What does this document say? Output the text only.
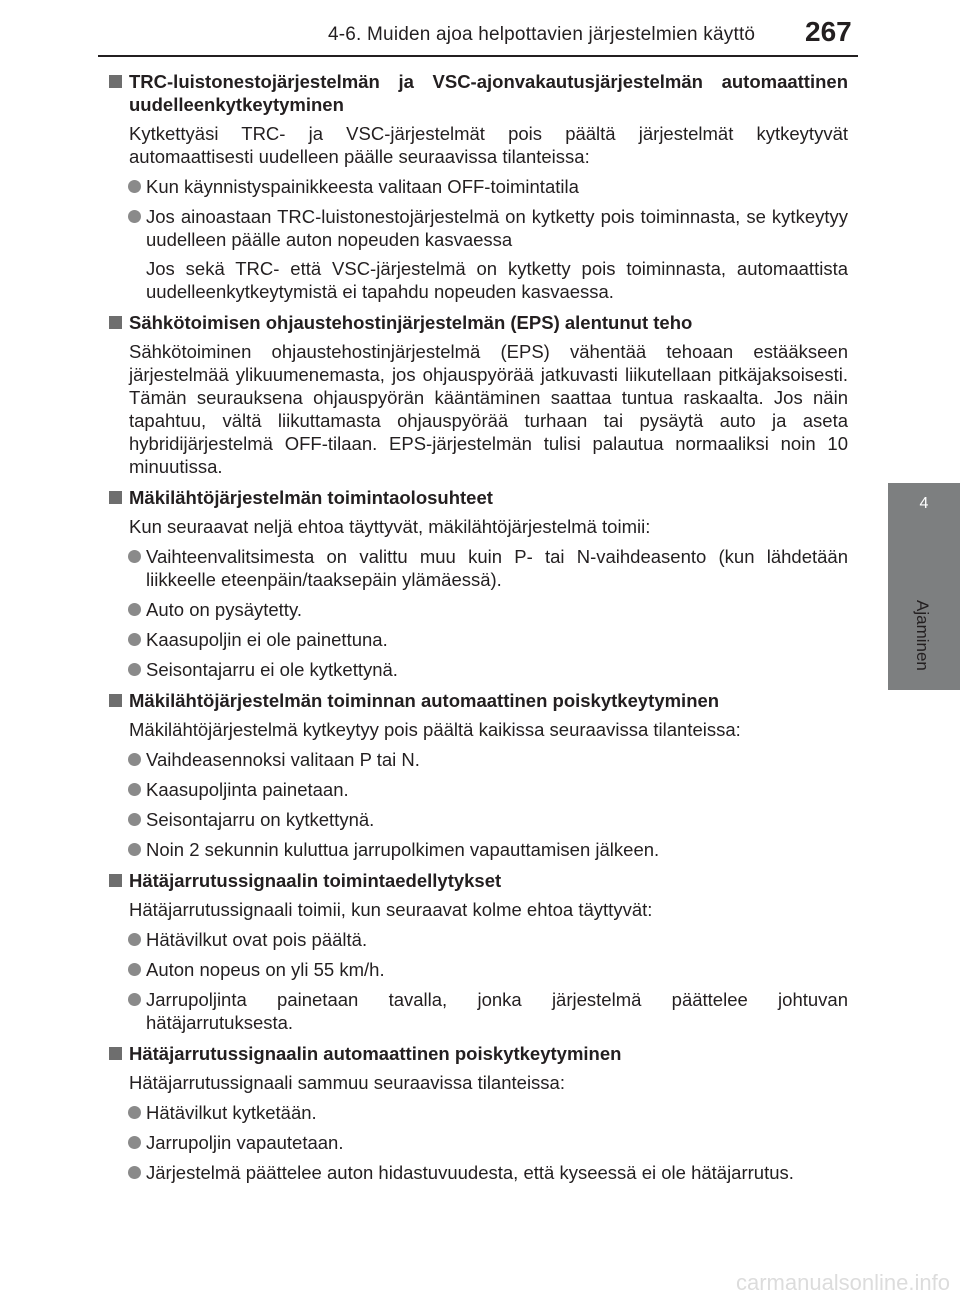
4-6. Muiden ajoa helpottavien järjestelmien käyttö 267
4
Ajaminen
TRC-luistonestojärjestelmän ja VSC-ajonvakautusjärjestelmän automaattinen uudelleenkytkeytyminen
Kytkettyäsi TRC- ja VSC-järjestelmät pois päältä järjestelmät kytkeytyvät automaattisesti uudelleen päälle seuraavissa tilanteissa:
Kun käynnistyspainikkeesta valitaan OFF-toimintatila
Jos ainoastaan TRC-luistonestojärjestelmä on kytketty pois toiminnasta, se kytkeytyy uudelleen päälle auton nopeuden kasvaessa
Jos sekä TRC- että VSC-järjestelmä on kytketty pois toiminnasta, automaattista uudelleenkytkeytymistä ei tapahdu nopeuden kasvaessa.
Sähkötoimisen ohjaustehostinjärjestelmän (EPS) alentunut teho
Sähkötoiminen ohjaustehostinjärjestelmä (EPS) vähentää tehoaan estääkseen järjestelmää ylikuumenemasta, jos ohjauspyörää jatkuvasti liikutellaan pitkäjaksoisesti. Tämän seurauksena ohjauspyörän kääntäminen saattaa tuntua raskaalta. Jos näin tapahtuu, vältä liikuttamasta ohjauspyörää turhaan tai pysäytä auto ja aseta hybridijärjestelmä OFF-tilaan. EPS-järjestelmän tulisi palautua normaaliksi noin 10 minuutissa.
Mäkilähtöjärjestelmän toimintaolosuhteet
Kun seuraavat neljä ehtoa täyttyvät, mäkilähtöjärjestelmä toimii:
Vaihteenvalitsimesta on valittu muu kuin P- tai N-vaihdeasento (kun lähdetään liikkeelle eteenpäin/taaksepäin ylämäessä).
Auto on pysäytetty.
Kaasupoljin ei ole painettuna.
Seisontajarru ei ole kytkettynä.
Mäkilähtöjärjestelmän toiminnan automaattinen poiskytkeytyminen
Mäkilähtöjärjestelmä kytkeytyy pois päältä kaikissa seuraavissa tilanteissa:
Vaihdeasennoksi valitaan P tai N.
Kaasupoljinta painetaan.
Seisontajarru on kytkettynä.
Noin 2 sekunnin kuluttua jarrupolkimen vapauttamisen jälkeen.
Hätäjarrutussignaalin toimintaedellytykset
Hätäjarrutussignaali toimii, kun seuraavat kolme ehtoa täyttyvät:
Hätävilkut ovat pois päältä.
Auton nopeus on yli 55 km/h.
Jarrupoljinta painetaan tavalla, jonka järjestelmä päättelee johtuvan hätäjarrutuksesta.
Hätäjarrutussignaalin automaattinen poiskytkeytyminen
Hätäjarrutussignaali sammuu seuraavissa tilanteissa:
Hätävilkut kytketään.
Jarrupoljin vapautetaan.
Järjestelmä päättelee auton hidastuvuudesta, että kyseessä ei ole hätäjarrutus.
carmanualsonline.info
